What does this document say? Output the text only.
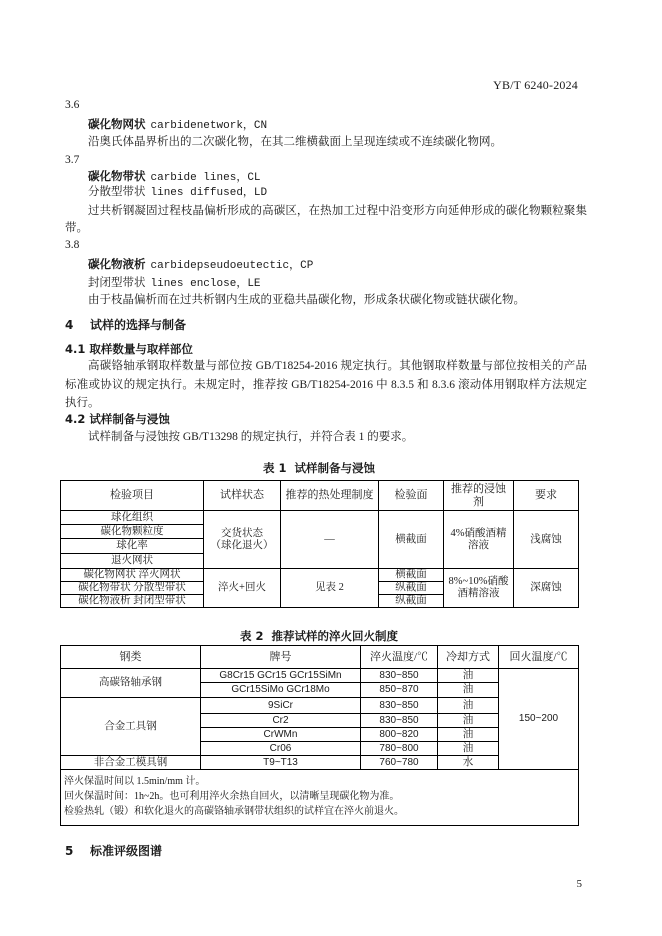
YB/T 6240-2024
3.6
碳化物网状 carbidenetwork，CN
沿奥氏体晶界析出的二次碳化物，在其二维横截面上呈现连续或不连续碳化物网。
3.7
碳化物带状 carbide lines，CL
分散型带状 lines diffused，LD
过共析钢凝固过程枝晶偏析形成的高碳区，在热加工过程中沿变形方向延伸形成的碳化物颗粒聚集带。
3.8
碳化物液析 carbidepseudoeutectic，CP
封闭型带状 lines enclose，LE
由于枝晶偏析而在过共析钢内生成的亚稳共晶碳化物，形成条状碳化物或链状碳化物。
4 试样的选择与制备
4.1 取样数量与取样部位
高碳铬轴承钢取样数量与部位按 GB/T18254-2016 规定执行。其他钢取样数量与部位按相关的产品标准或协议的规定执行。未规定时，推荐按 GB/T18254-2016 中 8.3.5 和 8.3.6 滚动体用钢取样方法规定执行。
4.2 试样制备与浸蚀
试样制备与浸蚀按 GB/T13298 的规定执行，并符合表 1 的要求。
表 1 试样制备与浸蚀
检验项目	试样状态	推荐的热处理制度	检验面	推荐的浸蚀剂	要求
球化组织	交货状态
（球化退火）	—	横截面	4%硝酸酒精溶液	浅腐蚀
碳化物颗粒度					
球化率					
退火网状					
碳化物网状 淬火网状	淬火+回火	见表 2	横截面	8%~10%硝酸酒精溶液	深腐蚀
碳化物带状 分散型带状			纵截面		
碳化物液析 封闭型带状			纵截面		
表 2 推荐试样的淬火回火制度
钢类	牌号	淬火温度/℃	冷却方式	回火温度/℃
高碳铬轴承钢	G8Cr15 GCr15 GCr15SiMn	830~850	油	150~200
	GCr15SiMo GCr18Mo	850~870	油	
合金工具钢	9SiCr	830~850	油	
	Cr2	830~850	油	
	CrWMn	800~820	油	
	Cr06	780~800	油	
非合金工模具钢	T9~T13	760~780	水	

淬火保温时间以 1.5min/mm 计。
回火保温时间：1h~2h。也可利用淬火余热自回火，以清晰呈现碳化物为准。
检验热轧（锻）和软化退火的高碳铬轴承钢带状组织的试样宜在淬火前退火。				
5 标准评级图谱
5
